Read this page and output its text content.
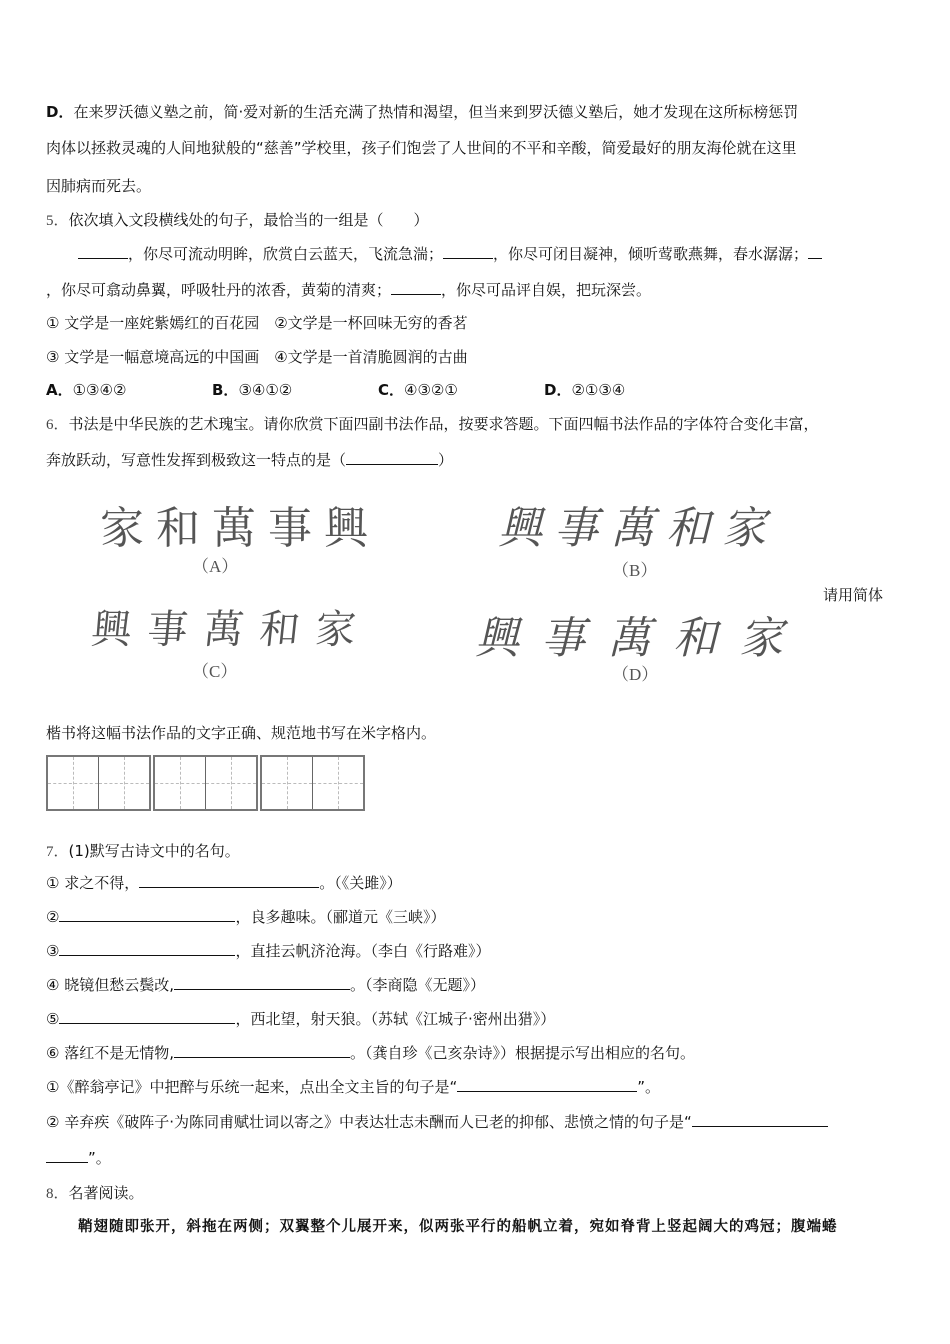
D．在来罗沃德义塾之前，简·爱对新的生活充满了热情和渴望，但当来到罗沃德义塾后，她才发现在这所标榜惩罚
肉体以拯救灵魂的人间地狱般的“慈善”学校里，孩子们饱尝了人世间的不平和辛酸，简爱最好的朋友海伦就在这里
因肺病而死去。
5．依次填入文段横线处的句子，最恰当的一组是（　　）
，你尽可流动明眸，欣赏白云蓝天，飞流急湍；	，你尽可闭目凝神，倾听莺歌燕舞，春水潺潺；
，你尽可翕动鼻翼，呼吸牡丹的浓香，黄菊的清爽；	，你尽可品评自娱，把玩深尝。
① 文学是一座姹紫嫣红的百花园　②文学是一杯回味无穷的香茗
③ 文学是一幅意境高远的中国画　④文学是一首清脆圆润的古曲
A．①③④②	B．③④①②	C．④③②①	D．②①③④
6．书法是中华民族的艺术瑰宝。请你欣赏下面四副书法作品，按要求答题。下面四幅书法作品的字体符合变化丰富，
奔放跃动，写意性发挥到极致这一特点的是（	）
家和萬事興
（A）
興事萬和家
（B）
興事萬和家
（C）
興事萬和家
（D）
请用简体
楷书将这幅书法作品的文字正确、规范地书写在米字格内。
7．(1)默写古诗文中的名句。
① 求之不得，	。（《关雎》）
②	，良多趣味。（郦道元《三峡》）
③	，直挂云帆济沧海。（李白《行路难》）
④ 晓镜但愁云鬓改,	。（李商隐《无题》）
⑤	，西北望，射天狼。（苏轼《江城子·密州出猎》）
⑥ 落红不是无情物,	。（龚自珍《己亥杂诗》）根据提示写出相应的名句。
①《醉翁亭记》中把醉与乐统一起来，点出全文主旨的句子是“	”。
② 辛弃疾《破阵子·为陈同甫赋壮词以寄之》中表达壮志未酬而人已老的抑郁、悲愤之情的句子是“
”。
8．名著阅读。
鞘翅随即张开，斜拖在两侧；双翼整个儿展开来，似两张平行的船帆立着，宛如脊背上竖起阔大的鸡冠；腹端蜷
